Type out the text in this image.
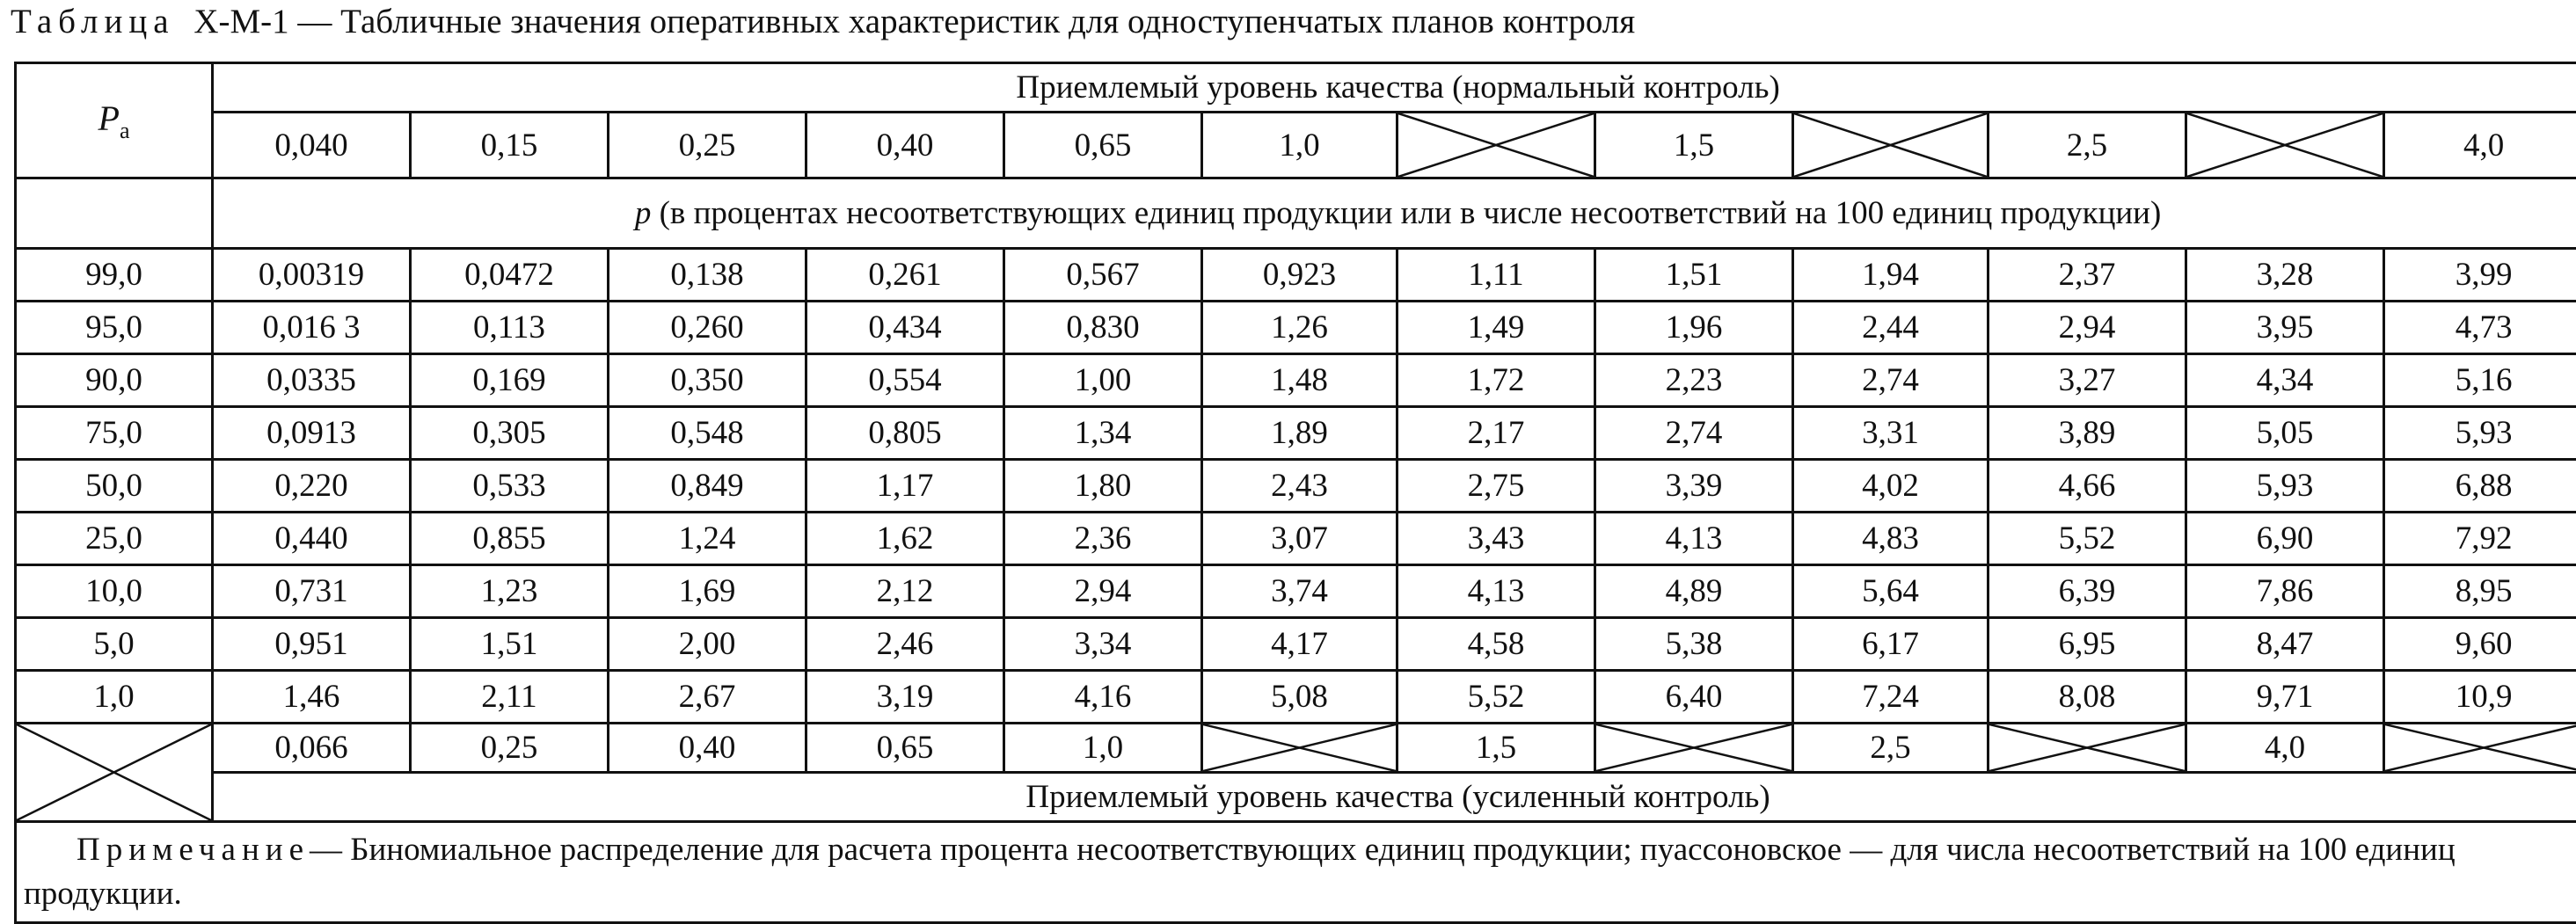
Таблица X-M-1 — Табличные значения оперативных характеристик для одноступенчатых планов контроля
$P_a$	Приемлемый уровень качества (нормальный контроль)											
	0,040	0,15	0,25	0,40	0,65	1,0		1,5		2,5		4,0
	p (в процентах несоответствующих единиц продукции или в числе несоответствий на 100 единиц продукции)											
99,0	0,00319	0,0472	0,138	0,261	0,567	0,923	1,11	1,51	1,94	2,37	3,28	3,99
95,0	0,016 3	0,113	0,260	0,434	0,830	1,26	1,49	1,96	2,44	2,94	3,95	4,73
90,0	0,0335	0,169	0,350	0,554	1,00	1,48	1,72	2,23	2,74	3,27	4,34	5,16
75,0	0,0913	0,305	0,548	0,805	1,34	1,89	2,17	2,74	3,31	3,89	5,05	5,93
50,0	0,220	0,533	0,849	1,17	1,80	2,43	2,75	3,39	4,02	4,66	5,93	6,88
25,0	0,440	0,855	1,24	1,62	2,36	3,07	3,43	4,13	4,83	5,52	6,90	7,92
10,0	0,731	1,23	1,69	2,12	2,94	3,74	4,13	4,89	5,64	6,39	7,86	8,95
5,0	0,951	1,51	2,00	2,46	3,34	4,17	4,58	5,38	6,17	6,95	8,47	9,60
1,0	1,46	2,11	2,67	3,19	4,16	5,08	5,52	6,40	7,24	8,08	9,71	10,9

	0,066	0,25	0,40	0,65	1,0		1,5		2,5		4,0	

	Приемлемый уровень качества (усиленный контроль)											
Примечание— Биномиальное распределение для расчета процента несоответствующих единиц продукции; пуассоновское — для числа несоответствий на 100 единиц продукции.												
